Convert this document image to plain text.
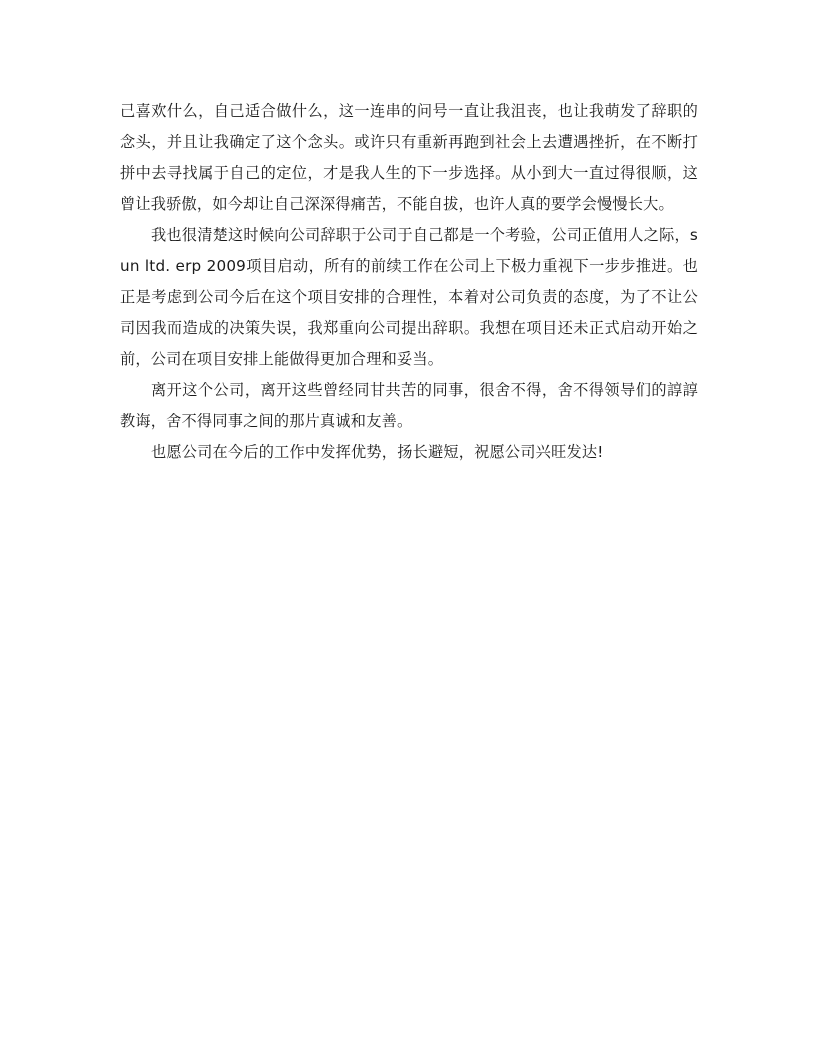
己喜欢什么，自己适合做什么，这一连串的问号一直让我沮丧，也让我萌发了辞职的念头，并且让我确定了这个念头。或许只有重新再跑到社会上去遭遇挫折，在不断打拼中去寻找属于自己的定位，才是我人生的下一步选择。从小到大一直过得很顺，这曾让我骄傲，如今却让自己深深得痛苦，不能自拔，也许人真的要学会慢慢长大。

我也很清楚这时候向公司辞职于公司于自己都是一个考验，公司正值用人之际，sun ltd. erp 2009项目启动，所有的前续工作在公司上下极力重视下一步步推进。也正是考虑到公司今后在这个项目安排的合理性，本着对公司负责的态度，为了不让公司因我而造成的决策失误，我郑重向公司提出辞职。我想在项目还未正式启动开始之前，公司在项目安排上能做得更加合理和妥当。

离开这个公司，离开这些曾经同甘共苦的同事，很舍不得，舍不得领导们的諄諄教诲，舍不得同事之间的那片真诚和友善。

也愿公司在今后的工作中发挥优势，扬长避短，祝愿公司兴旺发达!
